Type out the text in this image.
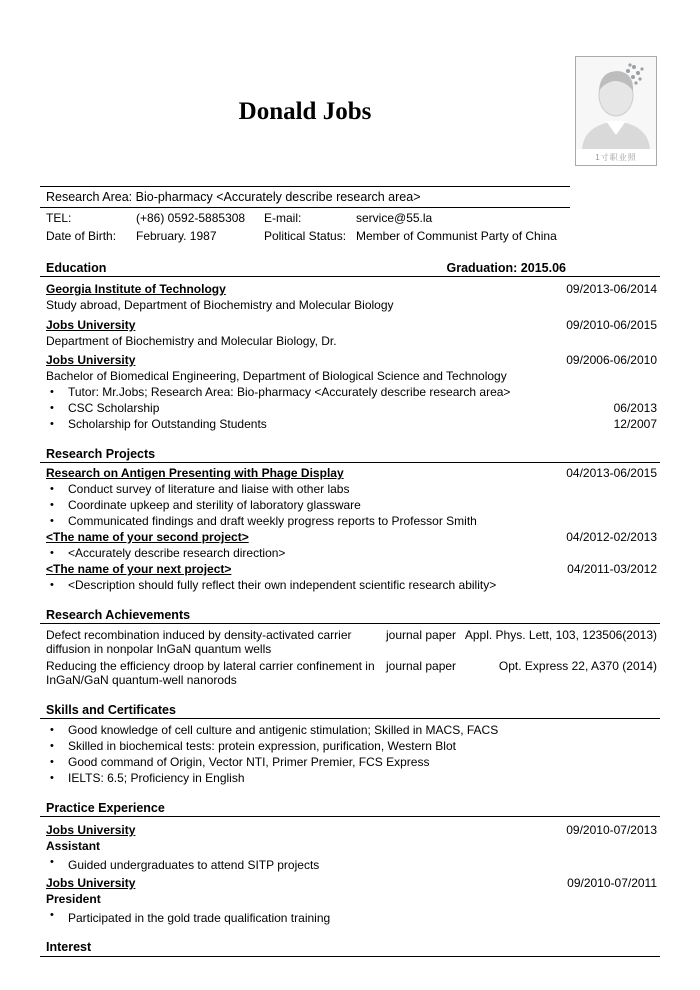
Donald Jobs
1寸职业照
Research Area: Bio-pharmacy <Accurately describe research area>
TEL:	(+86) 0592-5885308 E-mail:	service@55.la
Date of Birth: February. 1987	Political Status: Member of Communist Party of China
Education	Graduation: 2015.06
Georgia Institute of Technology	09/2013-06/2014
Study abroad, Department of Biochemistry and Molecular Biology
Jobs University	09/2010-06/2015
Department of Biochemistry and Molecular Biology, Dr.
Jobs University	09/2006-06/2010
Bachelor of Biomedical Engineering, Department of Biological Science and Technology
• Tutor: Mr.Jobs; Research Area: Bio-pharmacy <Accurately describe research area>
• CSC Scholarship	06/2013
• Scholarship for Outstanding Students	12/2007
Research Projects
Research on Antigen Presenting with Phage Display	04/2013-06/2015
• Conduct survey of literature and liaise with other labs
• Coordinate upkeep and sterility of laboratory glassware
• Communicated findings and draft weekly progress reports to Professor Smith
<The name of your second project>	04/2012-02/2013
• <Accurately describe research direction>
<The name of your next project>	04/2011-03/2012
• <Description should fully reflect their own independent scientific research ability>
Research Achievements
Defect recombination induced by density-activated carrier
diffusion in nonpolar InGaN quantum wells
journal paper Appl. Phys. Lett, 103, 123506(2013)
Reducing the efficiency droop by lateral carrier confinement in
InGaN/GaN quantum-well nanorods
journal paper	Opt. Express 22, A370 (2014)
Skills and Certificates
• Good knowledge of cell culture and antigenic stimulation; Skilled in MACS, FACS
• Skilled in biochemical tests: protein expression, purification, Western Blot
• Good command of Origin, Vector NTI, Primer Premier, FCS Express
• IELTS: 6.5; Proficiency in English
Practice Experience
Jobs University	09/2010-07/2013
Assistant
• Guided undergraduates to attend SITP projects
Jobs University	09/2010-07/2011
President
• Participated in the gold trade qualification training
Interest
